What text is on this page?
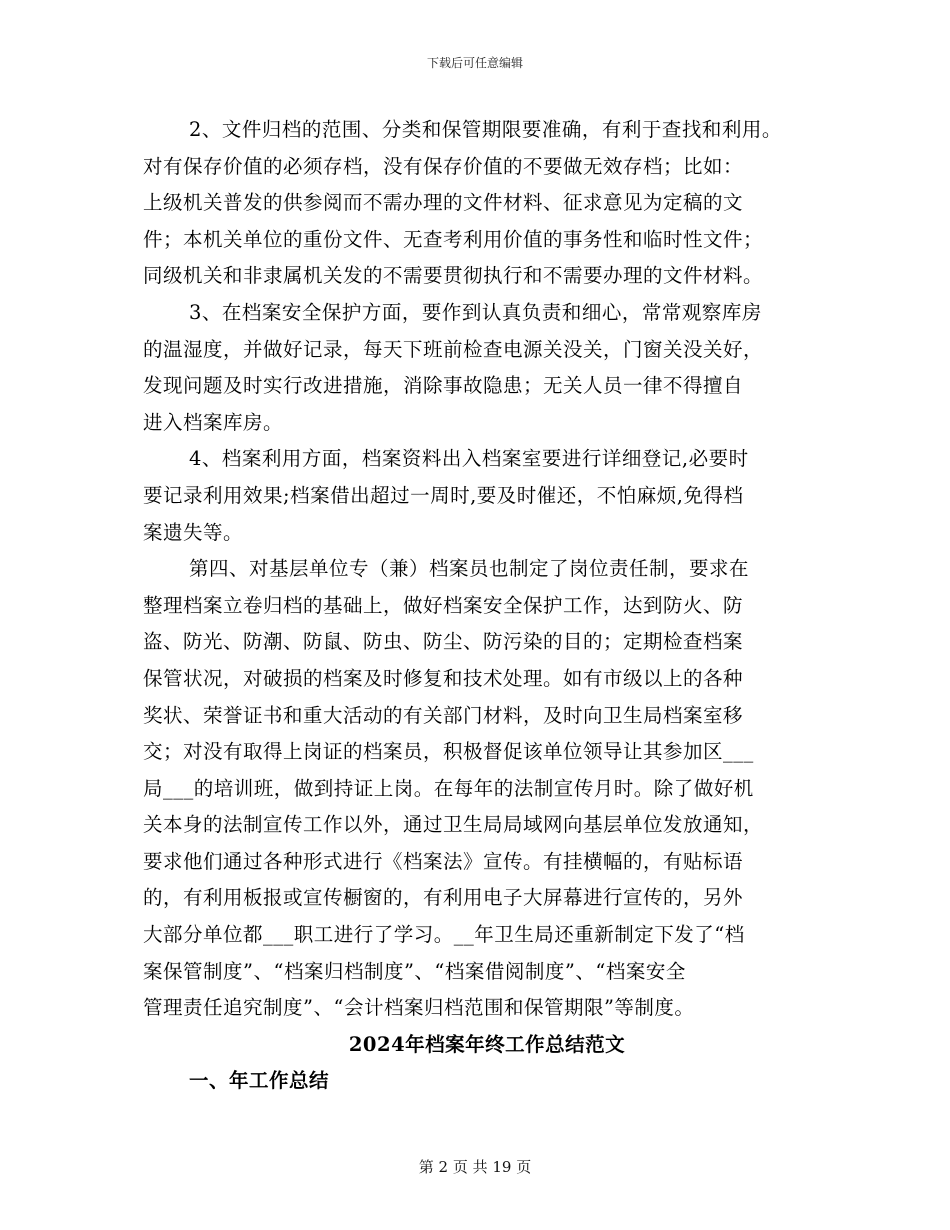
下载后可任意编辑

2、文件归档的范围、分类和保管期限要准确，有利于查找和利用。
对有保存价值的必须存档，没有保存价值的不要做无效存档；比如：
上级机关普发的供参阅而不需办理的文件材料、征求意见为定稿的文
件；本机关单位的重份文件、无查考利用价值的事务性和临时性文件；
同级机关和非隶属机关发的不需要贯彻执行和不需要办理的文件材料。

3、在档案安全保护方面，要作到认真负责和细心，常常观察库房
的温湿度，并做好记录，每天下班前检查电源关没关，门窗关没关好，
发现问题及时实行改进措施，消除事故隐患；无关人员一律不得擅自
进入档案库房。

4、档案利用方面，档案资料出入档案室要进行详细登记,必要时
要记录利用效果;档案借出超过一周时,要及时催还，不怕麻烦,免得档
案遗失等。

第四、对基层单位专（兼）档案员也制定了岗位责任制，要求在
整理档案立卷归档的基础上，做好档案安全保护工作，达到防火、防
盗、防光、防潮、防鼠、防虫、防尘、防污染的目的；定期检查档案
保管状况，对破损的档案及时修复和技术处理。如有市级以上的各种
奖状、荣誉证书和重大活动的有关部门材料，及时向卫生局档案室移
交；对没有取得上岗证的档案员，积极督促该单位领导让其参加区___
局___的培训班，做到持证上岗。在每年的法制宣传月时。除了做好机
关本身的法制宣传工作以外，通过卫生局局域网向基层单位发放通知，
要求他们通过各种形式进行《档案法》宣传。有挂横幅的，有贴标语
的，有利用板报或宣传橱窗的，有利用电子大屏幕进行宣传的，另外
大部分单位都___职工进行了学习。__年卫生局还重新制定下发了“档
案保管制度”、“档案归档制度”、“档案借阅制度”、“档案安全
管理责任追究制度”、“会计档案归档范围和保管期限”等制度。

2024年档案年终工作总结范文
一、年工作总结
第 2 页 共 19 页
